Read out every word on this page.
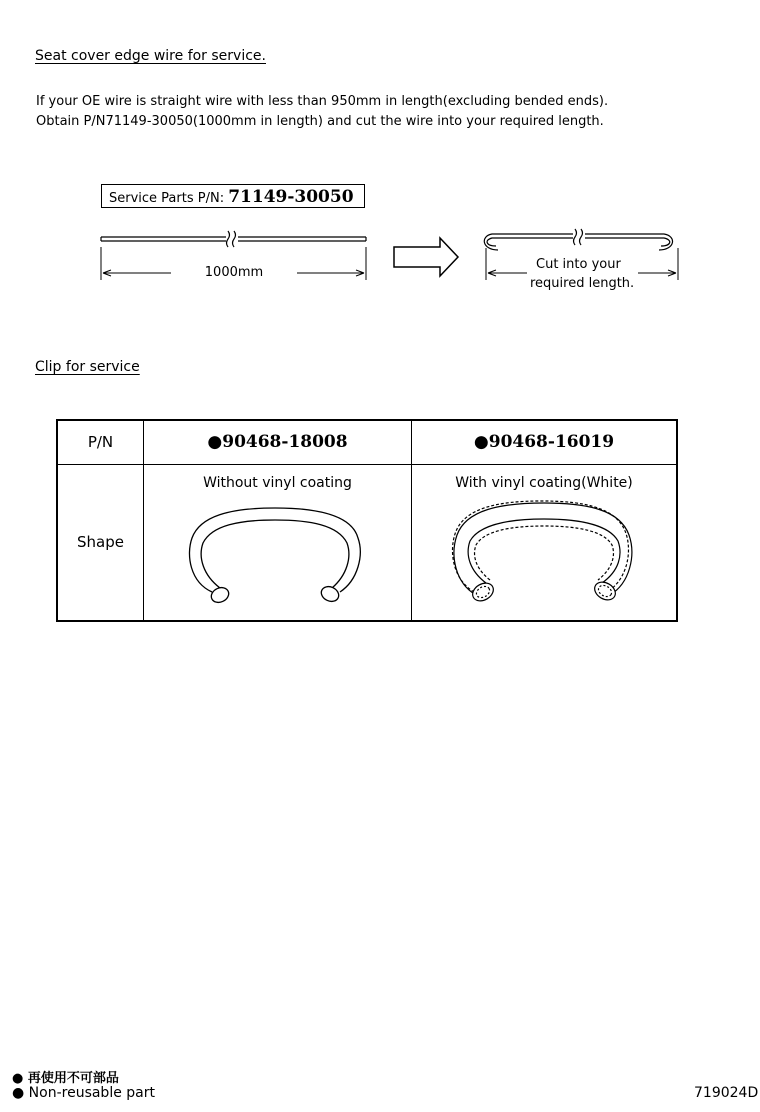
Seat cover edge wire for service.
If your OE wire is straight wire with less than 950mm in length(excluding bended ends).
Obtain P/N71149-30050(1000mm in length) and cut the wire into your required length.
Service Parts P/N: 71149-30050
1000mm
Cut into your
required length.
Clip for service
P/N	●90468-18008	●90468-16019
Shape	Without vinyl coating	With vinyl coating(White)
● 再使用不可部品
● Non-reusable part	719024D
